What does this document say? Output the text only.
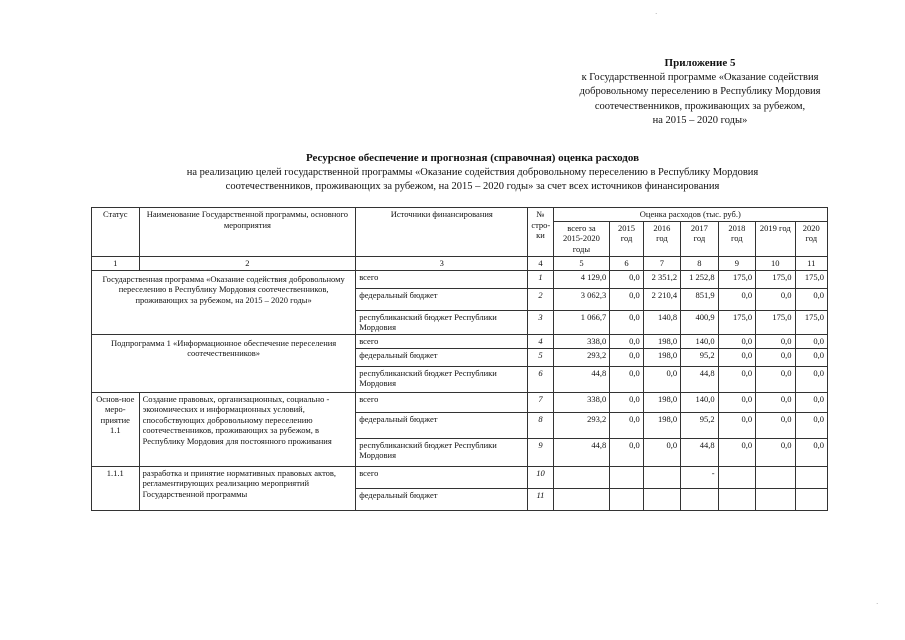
Приложение 5
к Государственной программе «Оказание содействия
добровольному переселению в Республику Мордовия
соотечественников, проживающих за рубежом,
на 2015 – 2020 годы»
Ресурсное обеспечение и прогнозная (справочная) оценка расходов
на реализацию целей государственной программы «Оказание содействия добровольному переселению в Республику Мордовия
соотечественников, проживающих за рубежом, на 2015 – 2020 годы» за счет всех источников финансирования
Статус	Наименование Государственной программы, основного мероприятия	Источники финансирования	№ стро-ки	Оценка расходов (тыс. руб.)						
				всего за 2015-2020 годы	2015 год	2016 год	2017 год	2018 год	2019 год	2020 год
1	2	3	4	5	6	7	8	9	10	11
Государственная программа «Оказание содействия добровольному переселению в Республику Мордовия соотечественников, проживающих за рубежом, на 2015 – 2020 годы»		всего	1	4 129,0	0,0	2 351,2	1 252,8	175,0	175,0	175,0
		федеральный бюджет	2	3 062,3	0,0	2 210,4	851,9	0,0	0,0	0,0
		республиканский бюджет Республики Мордовия	3	1 066,7	0,0	140,8	400,9	175,0	175,0	175,0
Подпрограмма 1 «Информационное обеспечение переселения соотечественников»		всего	4	338,0	0,0	198,0	140,0	0,0	0,0	0,0
		федеральный бюджет	5	293,2	0,0	198,0	95,2	0,0	0,0	0,0
		республиканский бюджет Республики Мордовия	6	44,8	0,0	0,0	44,8	0,0	0,0	0,0
Основ-ное меро-приятие 1.1	Создание правовых, организационных, социально - экономических и информационных условий, способствующих добровольному переселению соотечественников, проживающих за рубежом, в Республику Мордовия для постоянного проживания	всего	7	338,0	0,0	198,0	140,0	0,0	0,0	0,0
		федеральный бюджет	8	293,2	0,0	198,0	95,2	0,0	0,0	0,0
		республиканский бюджет Республики Мордовия	9	44,8	0,0	0,0	44,8	0,0	0,0	0,0
1.1.1	разработка и принятие нормативных правовых актов, регламентирующих реализацию мероприятий Государственной программы	всего	10				-			
		федеральный бюджет	11							
·
·
